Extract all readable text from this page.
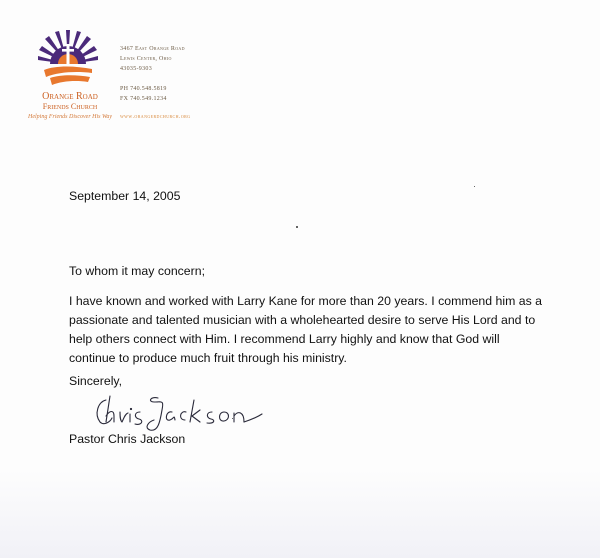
Orange Road
Friends Church
Helping Friends Discover His Way
3467 East Orange Road
Lewis Center, Ohio
43035-9303
PH 740.548.5819
FX 740.549.1234
www.orangerdchurch.org
September 14, 2005
To whom it may concern;
I have known and worked with Larry Kane for more than 20 years. I commend him as a
passionate and talented musician with a wholehearted desire to serve His Lord and to
help others connect with Him. I recommend Larry highly and know that God will
continue to produce much fruit through his ministry.
Sincerely,
Pastor Chris Jackson
